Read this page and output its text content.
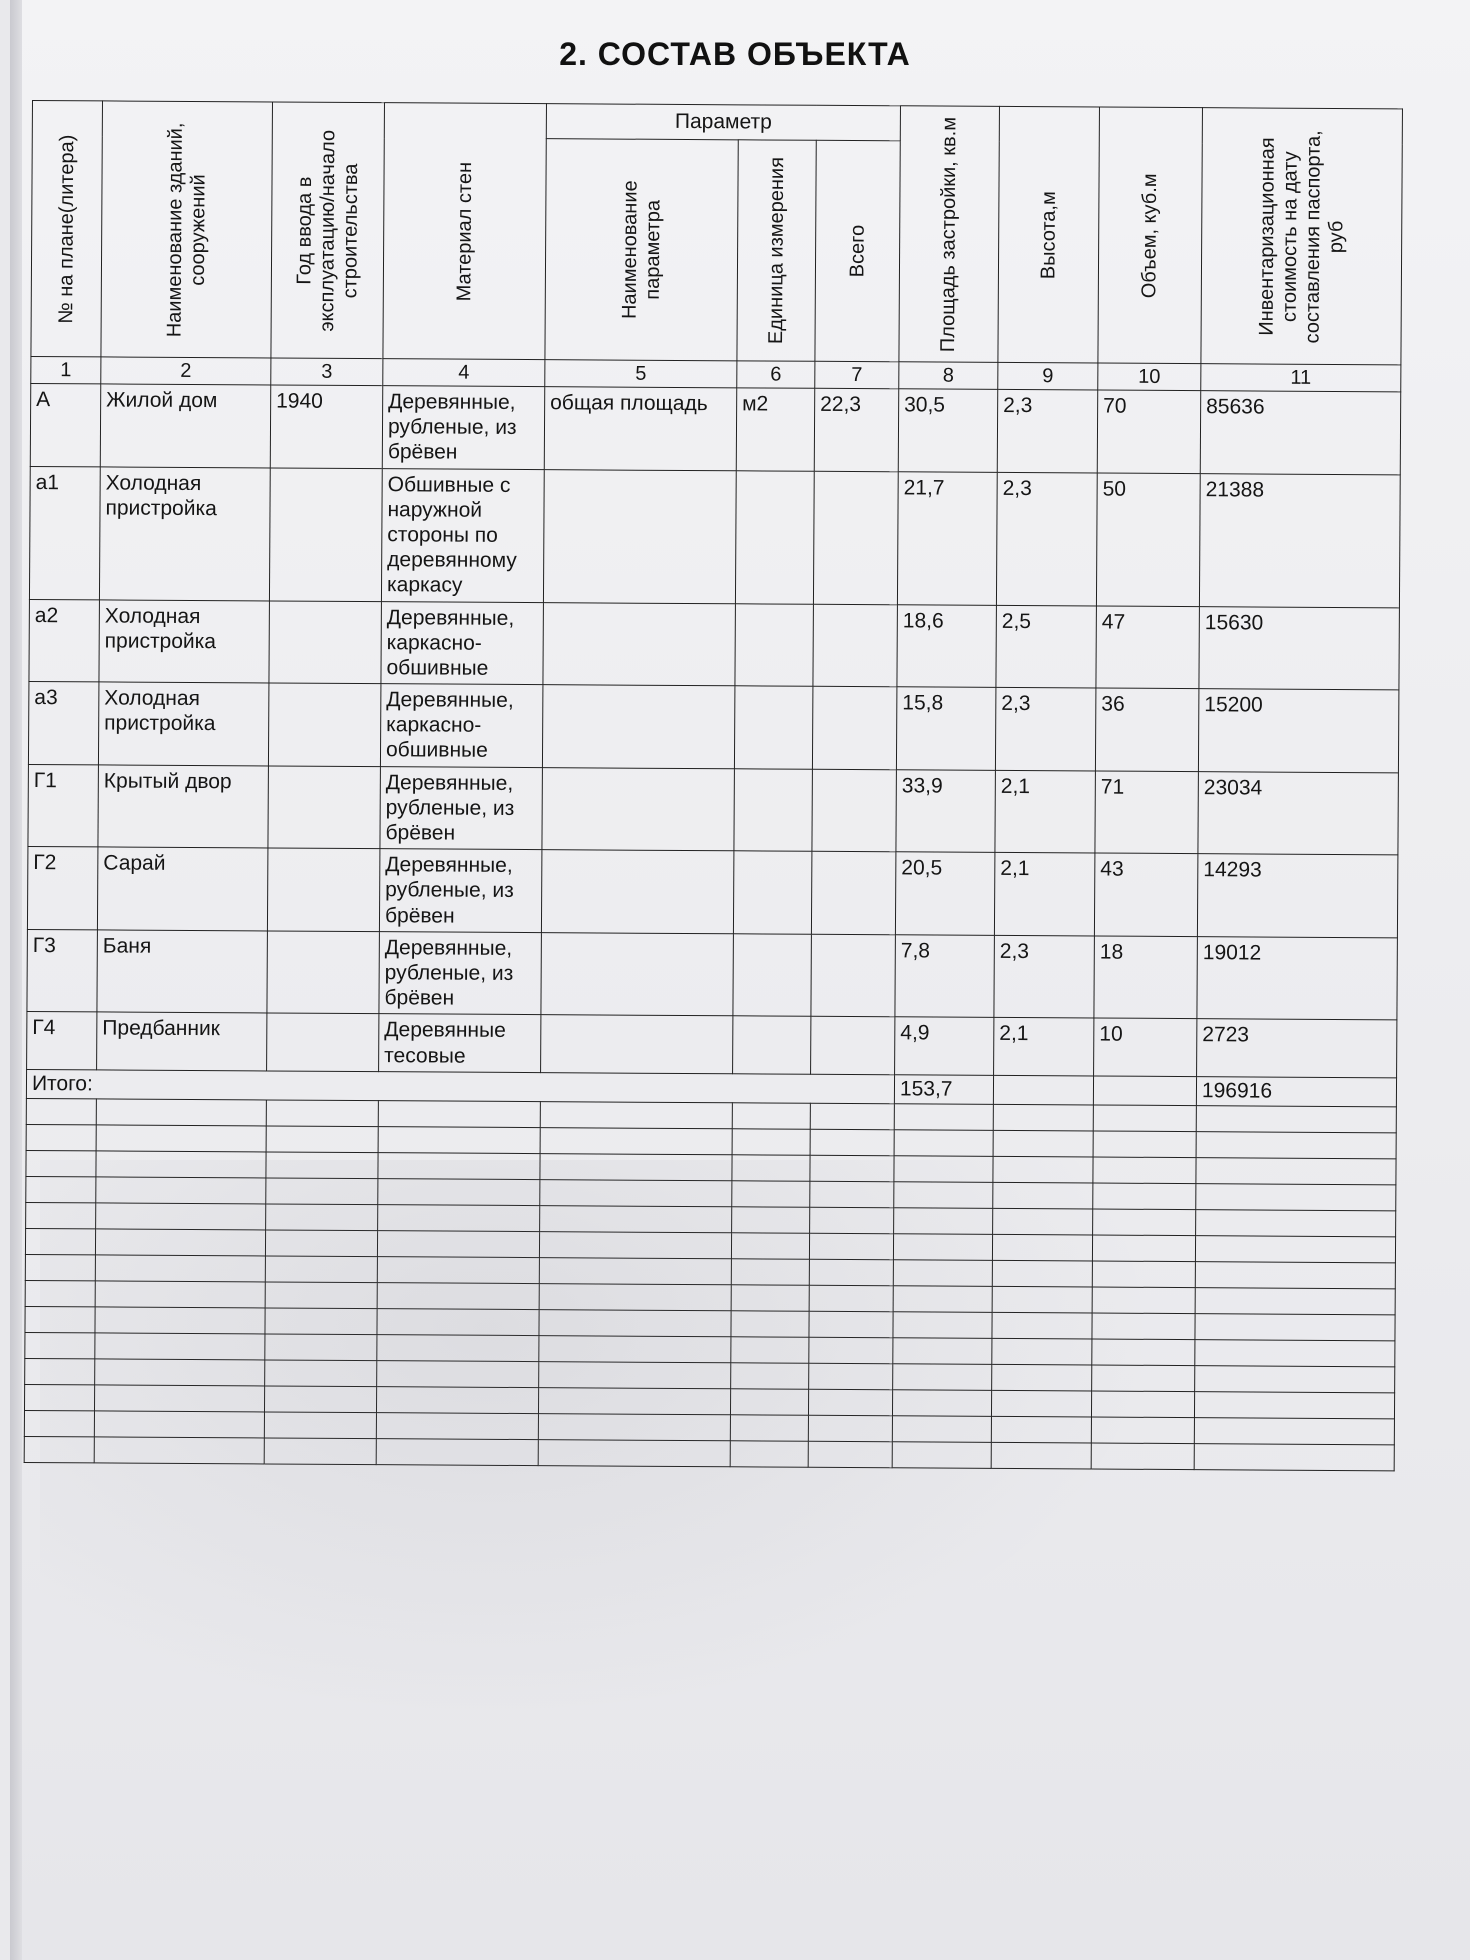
2. СОСТАВ ОБЪЕКТА
№ на плане(литера)	Наименование зданий, сооружений	Год ввода в эксплуатацию/начало строительства	Материал стен	Параметр			Площадь застройки, кв.м	Высота,м	Объем, куб.м	Инвентаризационная стоимость на дату составления паспорта, руб

				Наименование параметра	Единица измерения	Всего				

1	2	3	4	5	6	7	8	9	10	11
А	Жилой дом	1940	Деревянные, рубленые, из брёвен	общая площадь	м2	22,3	30,5	2,3	70	85636
а1	Холодная пристройка		Обшивные с наружной стороны по деревянному каркасу				21,7	2,3	50	21388
а2	Холодная пристройка		Деревянные, каркасно-обшивные				18,6	2,5	47	15630
а3	Холодная пристройка		Деревянные, каркасно-обшивные				15,8	2,3	36	15200
Г1	Крытый двор		Деревянные, рубленые, из брёвен				33,9	2,1	71	23034
Г2	Сарай		Деревянные, рубленые, из брёвен				20,5	2,1	43	14293
Г3	Баня		Деревянные, рубленые, из брёвен				7,8	2,3	18	19012
Г4	Предбанник		Деревянные тесовые				4,9	2,1	10	2723
Итого:							153,7			196916
